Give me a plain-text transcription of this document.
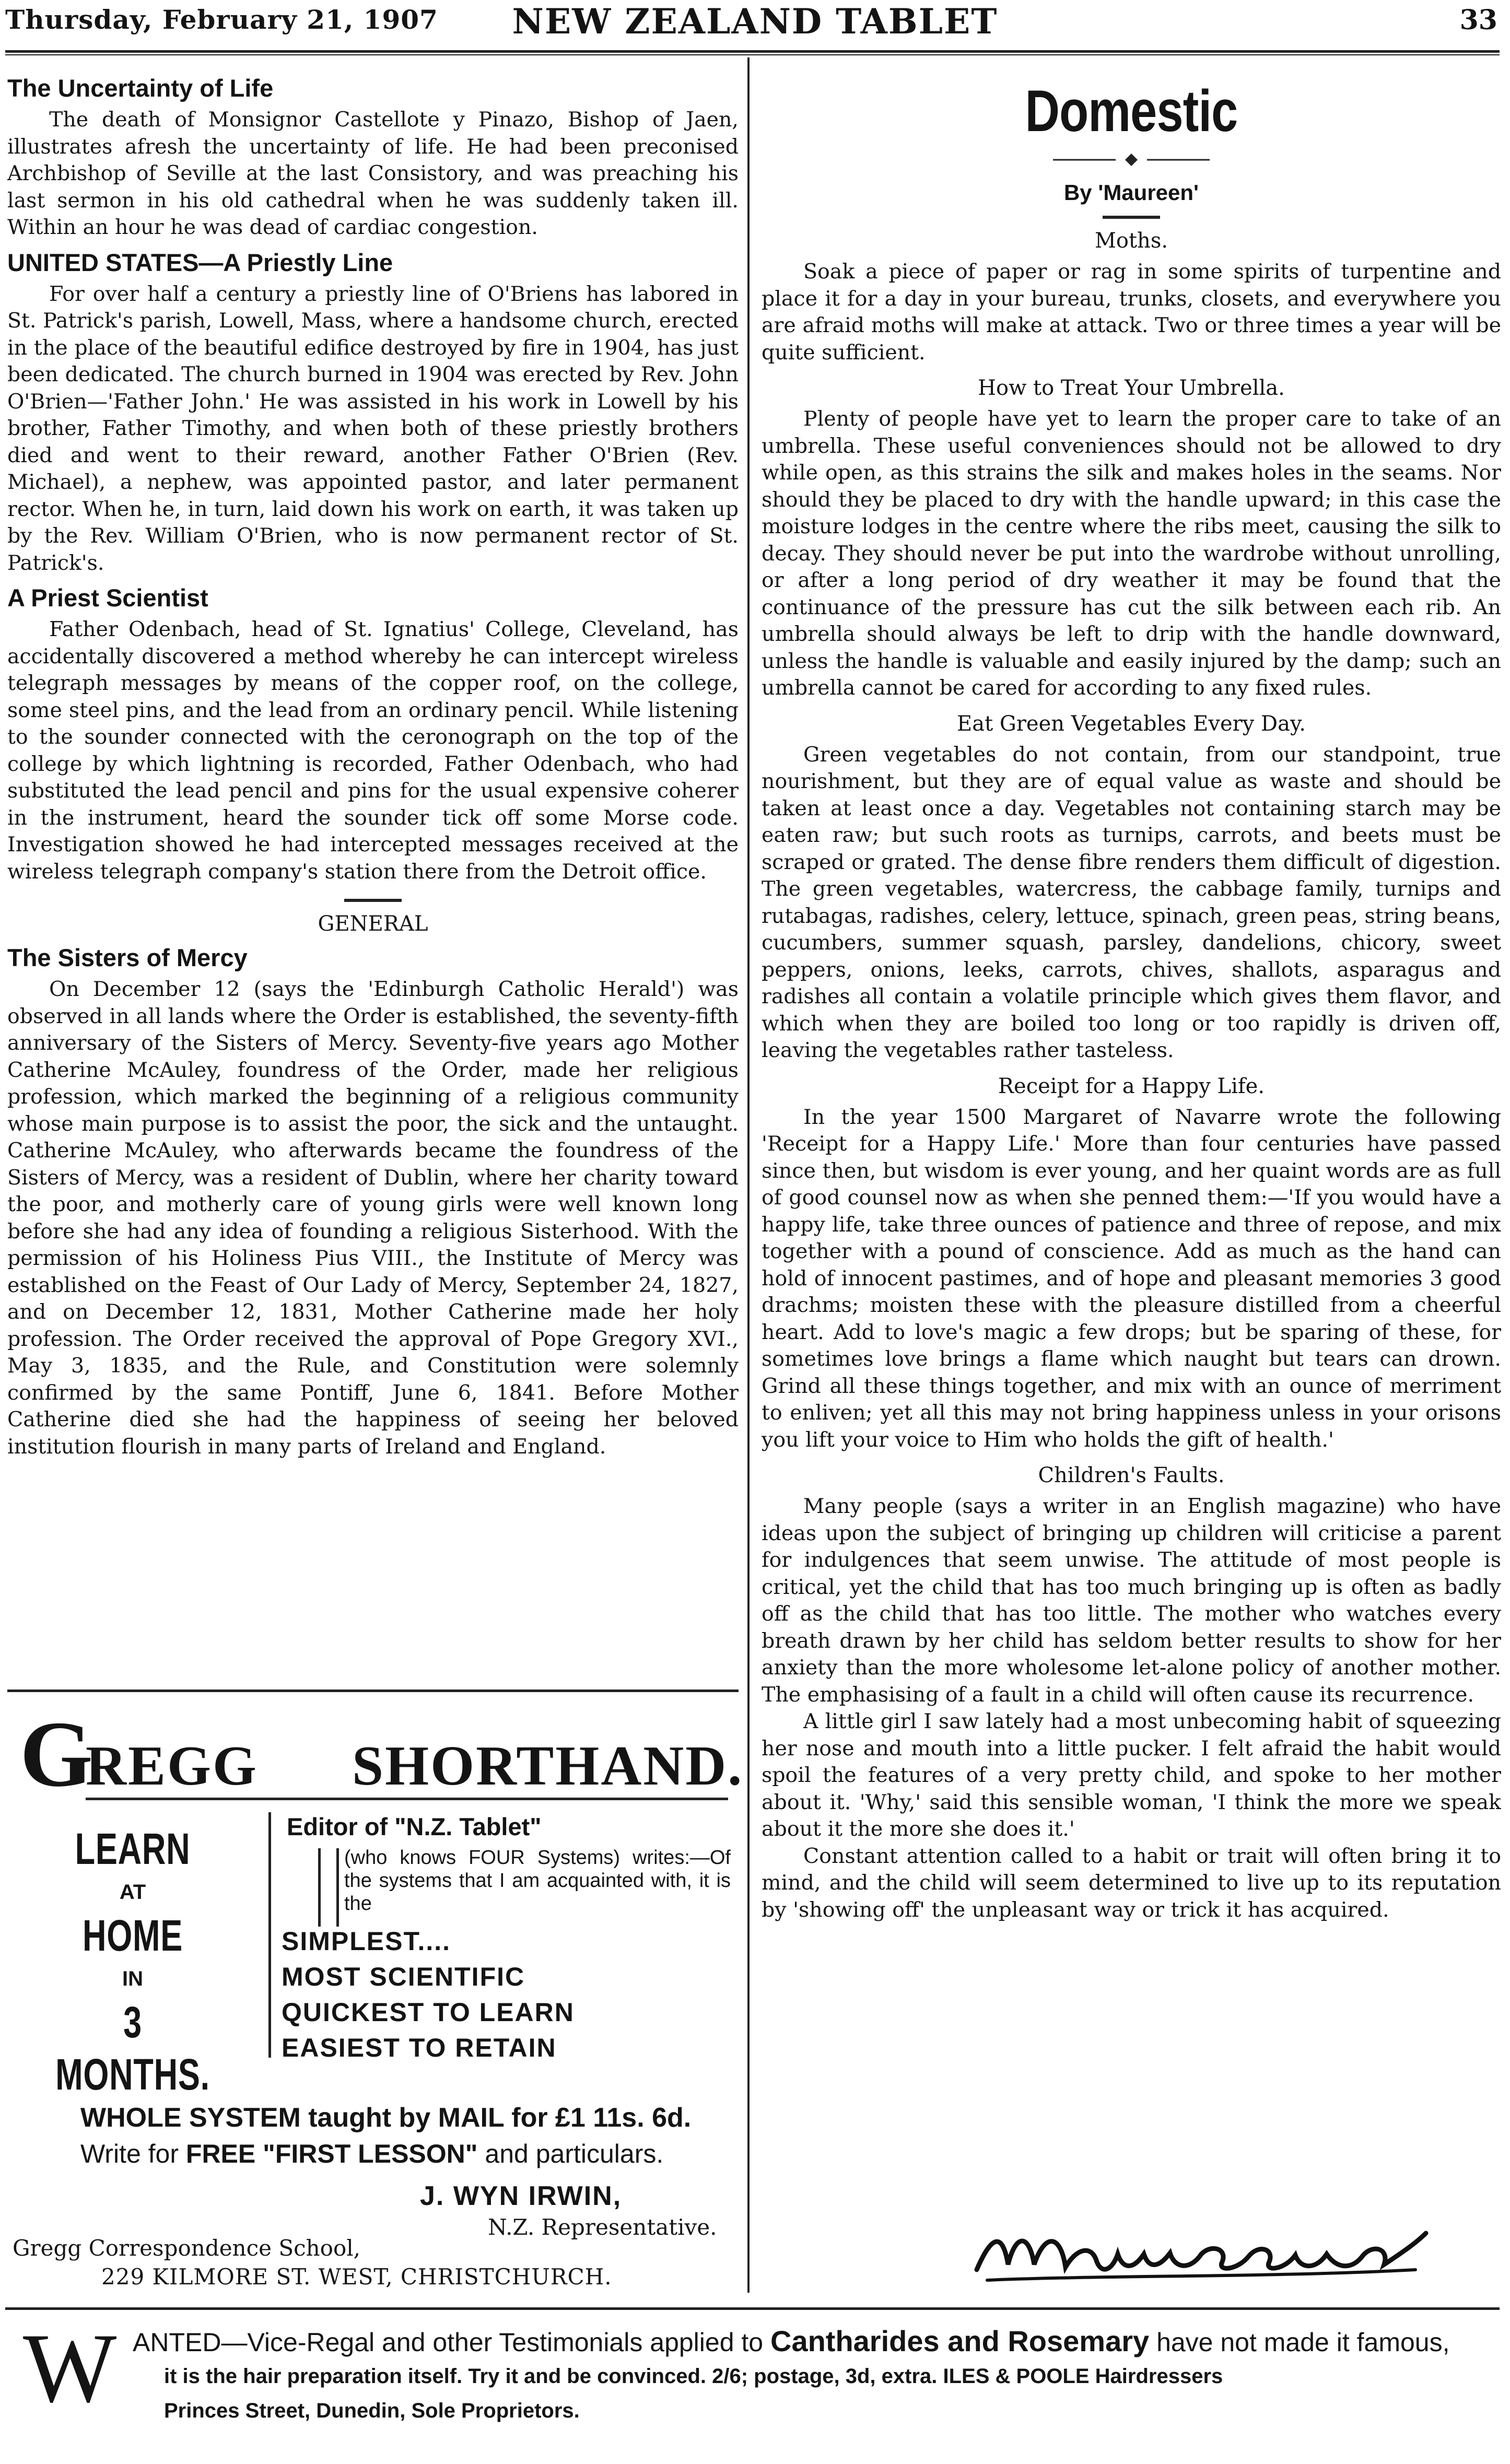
Thursday, February 21, 1907	NEW ZEALAND TABLET	33
The Uncertainty of Life

The death of Monsignor Castellote y Pinazo, Bishop of Jaen, illustrates afresh the uncertainty of life. He had been preconised Archbishop of Seville at the last Consistory, and was preaching his last sermon in his old cathedral when he was suddenly taken ill. Within an hour he was dead of cardiac congestion.

UNITED STATES—A Priestly Line

For over half a century a priestly line of O'Briens has labored in St. Patrick's parish, Lowell, Mass, where a handsome church, erected in the place of the beautiful edifice destroyed by fire in 1904, has just been dedicated. The church burned in 1904 was erected by Rev. John O'Brien—'Father John.' He was assisted in his work in Lowell by his brother, Father Timothy, and when both of these priestly brothers died and went to their reward, another Father O'Brien (Rev. Michael), a nephew, was appointed pastor, and later permanent rector. When he, in turn, laid down his work on earth, it was taken up by the Rev. William O'Brien, who is now permanent rector of St. Patrick's.

A Priest Scientist

Father Odenbach, head of St. Ignatius' College, Cleveland, has accidentally discovered a method whereby he can intercept wireless telegraph messages by means of the copper roof, on the college, some steel pins, and the lead from an ordinary pencil. While listening to the sounder connected with the ceronograph on the top of the college by which lightning is recorded, Father Odenbach, who had substituted the lead pencil and pins for the usual expensive coherer in the instrument, heard the sounder tick off some Morse code. Investigation showed he had intercepted messages received at the wireless telegraph company's station there from the Detroit office.

GENERAL
The Sisters of Mercy

On December 12 (says the 'Edinburgh Catholic Herald') was observed in all lands where the Order is established, the seventy-fifth anniversary of the Sisters of Mercy. Seventy-five years ago Mother Catherine McAuley, foundress of the Order, made her religious profession, which marked the beginning of a religious community whose main purpose is to assist the poor, the sick and the untaught. Catherine McAuley, who afterwards became the foundress of the Sisters of Mercy, was a resident of Dublin, where her charity toward the poor, and motherly care of young girls were well known long before she had any idea of founding a religious Sisterhood. With the permission of his Holiness Pius VIII., the Institute of Mercy was established on the Feast of Our Lady of Mercy, September 24, 1827, and on December 12, 1831, Mother Catherine made her holy profession. The Order received the approval of Pope Gregory XVI., May 3, 1835, and the Rule, and Constitution were solemnly confirmed by the same Pontiff, June 6, 1841. Before Mother Catherine died she had the happiness of seeing her beloved institution flourish in many parts of Ireland and England.

G
REGG SHORTHAND.
LEARN
AT
HOME
IN
3 MONTHS.
Editor of "N.Z. Tablet"
(who knows FOUR Systems) writes:—Of the systems that I am acquainted with, it is the
SIMPLEST....
MOST SCIENTIFIC
QUICKEST TO LEARN
EASIEST TO RETAIN
WHOLE SYSTEM taught by MAIL for £1 11s. 6d.
Write for FREE "FIRST LESSON" and particulars.
J. WYN IRWIN,
N.Z. Representative.
Gregg Correspondence School,
229 KILMORE ST. WEST, CHRISTCHURCH.
Domestic
By 'Maureen'
Moths.

Soak a piece of paper or rag in some spirits of turpentine and place it for a day in your bureau, trunks, closets, and everywhere you are afraid moths will make at attack. Two or three times a year will be quite sufficient.

How to Treat Your Umbrella.

Plenty of people have yet to learn the proper care to take of an umbrella. These useful conveniences should not be allowed to dry while open, as this strains the silk and makes holes in the seams. Nor should they be placed to dry with the handle upward; in this case the moisture lodges in the centre where the ribs meet, causing the silk to decay. They should never be put into the wardrobe without unrolling, or after a long period of dry weather it may be found that the continuance of the pressure has cut the silk between each rib. An umbrella should always be left to drip with the handle downward, unless the handle is valuable and easily injured by the damp; such an umbrella cannot be cared for according to any fixed rules.

Eat Green Vegetables Every Day.

Green vegetables do not contain, from our standpoint, true nourishment, but they are of equal value as waste and should be taken at least once a day. Vegetables not containing starch may be eaten raw; but such roots as turnips, carrots, and beets must be scraped or grated. The dense fibre renders them difficult of digestion. The green vegetables, watercress, the cabbage family, turnips and rutabagas, radishes, celery, lettuce, spinach, green peas, string beans, cucumbers, summer squash, parsley, dandelions, chicory, sweet peppers, onions, leeks, carrots, chives, shallots, asparagus and radishes all contain a volatile principle which gives them flavor, and which when they are boiled too long or too rapidly is driven off, leaving the vegetables rather tasteless.

Receipt for a Happy Life.

In the year 1500 Margaret of Navarre wrote the following 'Receipt for a Happy Life.' More than four centuries have passed since then, but wisdom is ever young, and her quaint words are as full of good counsel now as when she penned them:—'If you would have a happy life, take three ounces of patience and three of repose, and mix together with a pound of conscience. Add as much as the hand can hold of innocent pastimes, and of hope and pleasant memories 3 good drachms; moisten these with the pleasure distilled from a cheerful heart. Add to love's magic a few drops; but be sparing of these, for sometimes love brings a flame which naught but tears can drown. Grind all these things together, and mix with an ounce of merriment to enliven; yet all this may not bring happiness unless in your orisons you lift your voice to Him who holds the gift of health.'

Children's Faults.

Many people (says a writer in an English magazine) who have ideas upon the subject of bringing up children will criticise a parent for indulgences that seem unwise. The attitude of most people is critical, yet the child that has too much bringing up is often as badly off as the child that has too little. The mother who watches every breath drawn by her child has seldom better results to show for her anxiety than the more wholesome let-alone policy of another mother. The emphasising of a fault in a child will often cause its recurrence.

A little girl I saw lately had a most unbecoming habit of squeezing her nose and mouth into a little pucker. I felt afraid the habit would spoil the features of a very pretty child, and spoke to her mother about it. 'Why,' said this sensible woman, 'I think the more we speak about it the more she does it.'

Constant attention called to a habit or trait will often bring it to mind, and the child will seem determined to live up to its reputation by 'showing off' the unpleasant way or trick it has acquired.

W ANTED—Vice-Regal and other Testimonials applied to Cantharides and Rosemary have not made it famous,
it is the hair preparation itself. Try it and be convinced. 2/6; postage, 3d, extra. ILES & POOLE Hairdressers
Princes Street, Dunedin, Sole Proprietors.
